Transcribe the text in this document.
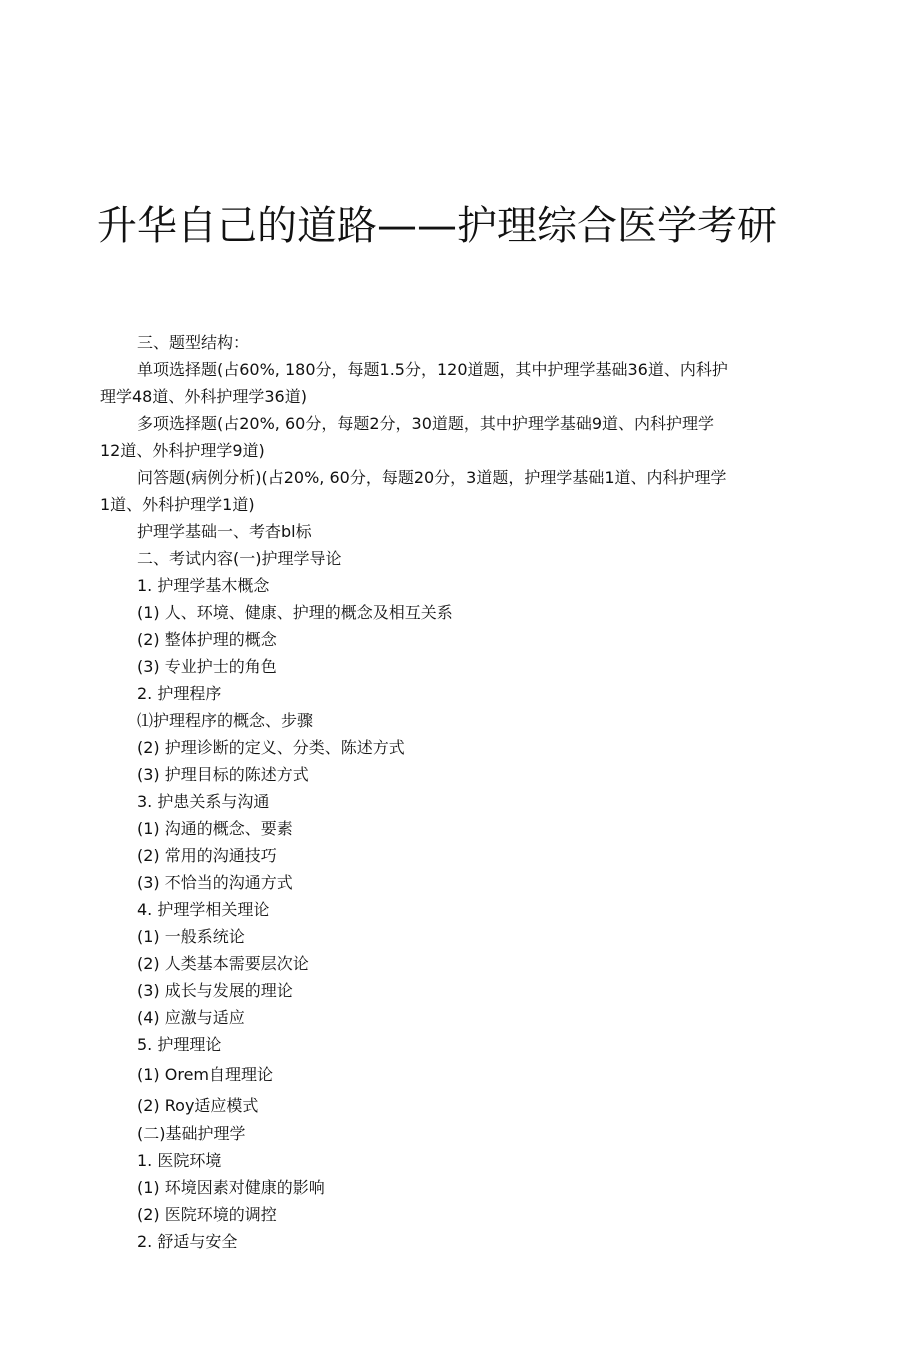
升华自己的道路——护理综合医学考研
三、题型结构：
单项选择题(占60%, 180分，每题1.5分，120道题，其中护理学基础36道、内科护
理学48道、外科护理学36道)
多项选择题(占20%, 60分，每题2分，30道题，其中护理学基础9道、内科护理学
12道、外科护理学9道)
问答题(病例分析)(占20%, 60分，每题20分，3道题，护理学基础1道、内科护理学
1道、外科护理学1道)
护理学基础一、考杳bl标
二、考试内容(一)护理学导论
1. 护理学基木概念
(1) 人、环境、健康、护理的概念及相互关系
(2) 整体护理的概念
(3) 专业护士的角色
2. 护理程序
⑴护理程序的概念、步骤
(2) 护理诊断的定义、分类、陈述方式
(3) 护理目标的陈述方式
3. 护患关系与沟通
(1) 沟通的概念、要素
(2) 常用的沟通技巧
(3) 不恰当的沟通方式
4. 护理学相关理论
(1) 一般系统论
(2) 人类基本需要层次论
(3) 成长与发展的理论
(4) 应激与适应
5. 护理理论
(1) Orem自理理论
(2) Roy适应模式
(二)基础护理学
1. 医院环境
(1) 环境因素对健康的影响
(2) 医院环境的调控
2. 舒适与安全
